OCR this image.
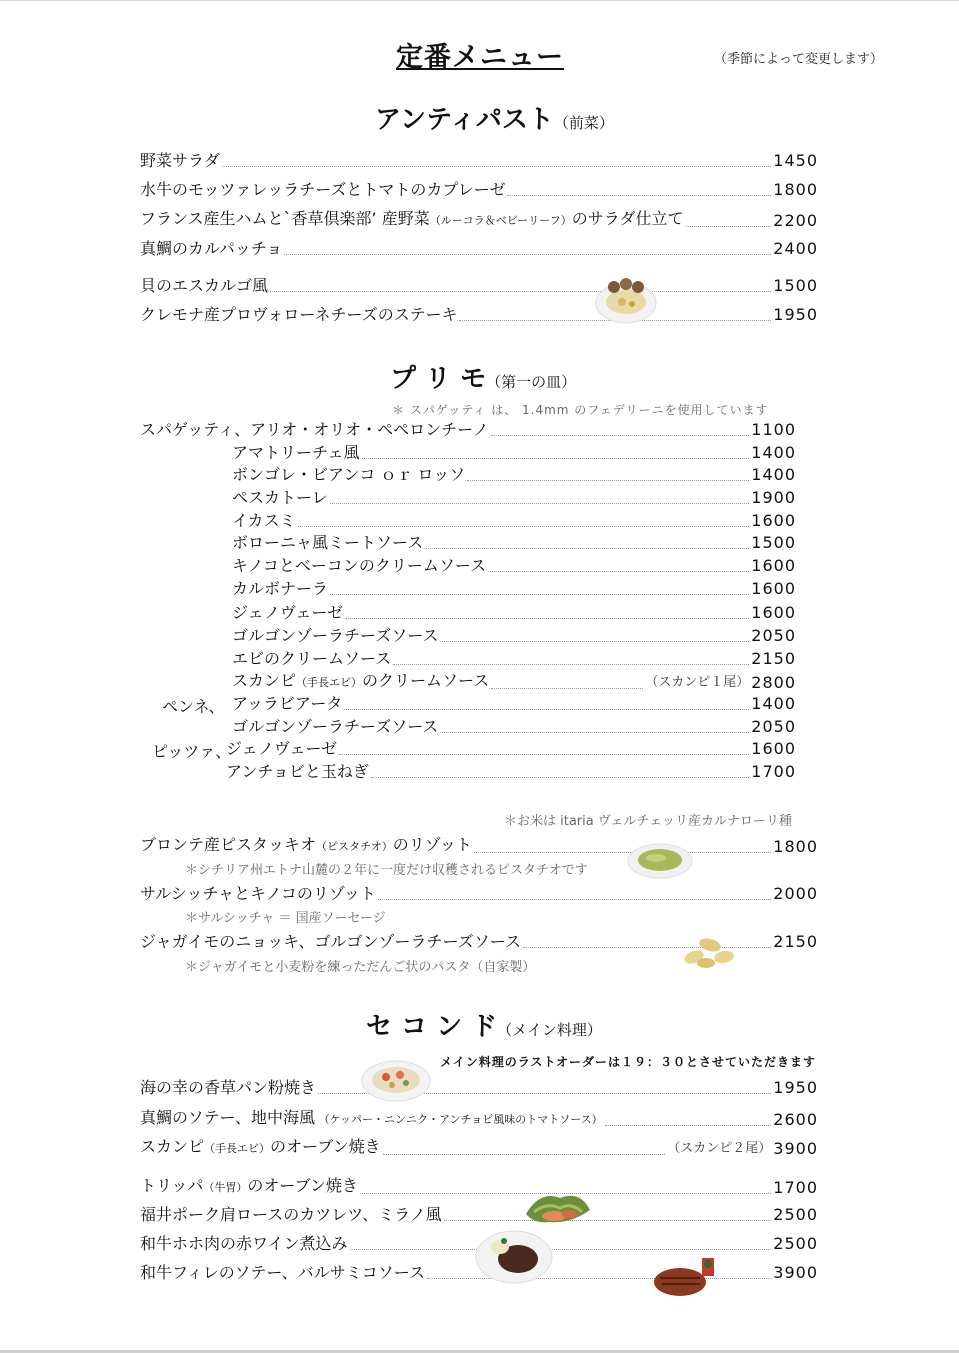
定番メニュー	（季節によって変更します）
アンティパスト（前菜）
野菜サラダ	1450
水牛のモッツァレッラチーズとトマトのカプレーゼ	1800
フランス産生ハムと`香草倶楽部’ 産野菜（ルーコラ＆ベビーリーフ）のサラダ仕立て	2200
真鯛のカルパッチョ	2400
貝のエスカルゴ風	1500
クレモナ産プロヴォローネチーズのステーキ	1950
プ リ モ（第一の皿）
＊ スパゲッティ は、 1.4mm のフェデリーニを使用しています
スパゲッティ、アリオ・オリオ・ペペロンチーノ	1100
アマトリーチェ風	1400
ボンゴレ・ビアンコ ｏｒ ロッソ	1400
ペスカトーレ	1900
イカスミ	1600
ボローニャ風ミートソース	1500
キノコとベーコンのクリームソース	1600
カルボナーラ	1600
ジェノヴェーゼ	1600
ゴルゴンゾーラチーズソース	2050
エビのクリームソース	2150
スカンピ（手長エビ）のクリームソース	（スカンピ１尾） 2800
ペンネ、 アッラビアータ	1400
ゴルゴンゾーラチーズソース	2050
ピッツァ、
ジェノヴェーゼ	1600
アンチョビと玉ねぎ	1700
＊お米は itaria ヴェルチェッリ産カルナローリ種
ブロンテ産ピスタッキオ（ピスタチオ）のリゾット	1800
＊シチリア州エトナ山麓の２年に一度だけ収穫されるピスタチオです
サルシッチャとキノコのリゾット	2000
＊サルシッチャ ＝ 国産ソーセージ
ジャガイモのニョッキ、ゴルゴンゾーラチーズソース	2150
＊ジャガイモと小麦粉を練っただんご状のパスタ（自家製）
セ コ ン ド（メイン料理）
メイン料理のラストオーダーは１９：３０とさせていただきます
海の幸の香草パン粉焼き	1950
真鯛のソテー、地中海風 （ケッパー・ニンニク・アンチョビ風味のトマトソース）	2600
スカンピ（手長エビ）のオーブン焼き	（スカンピ２尾） 3900
トリッパ（牛胃）のオーブン焼き	1700
福井ポーク肩ロースのカツレツ、ミラノ風	2500
和牛ホホ肉の赤ワイン煮込み	2500
和牛フィレのソテー、バルサミコソース	3900
